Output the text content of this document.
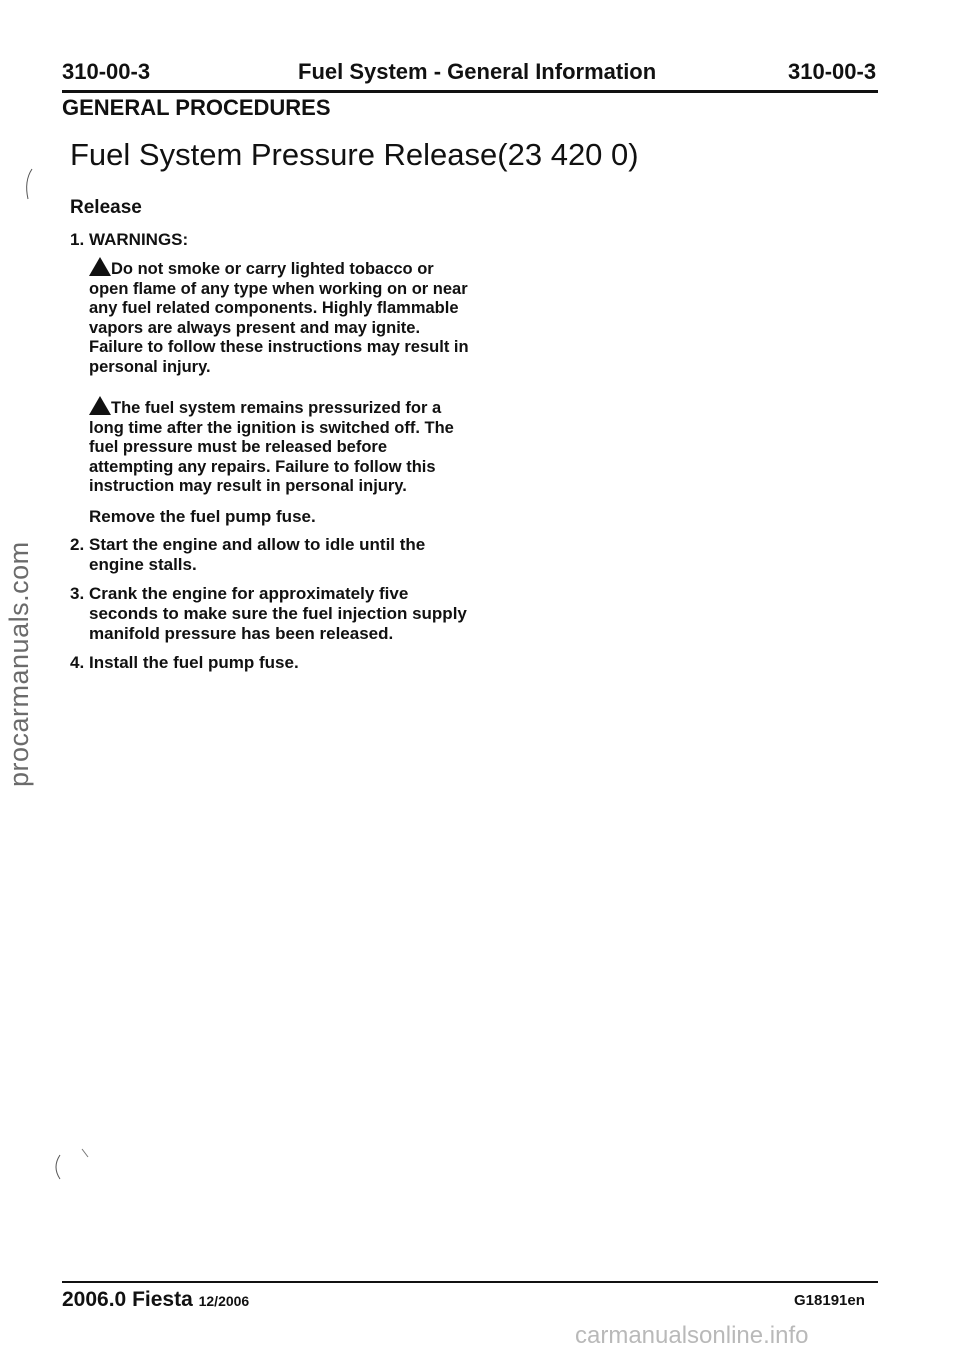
310-00-3	Fuel System - General Information	310-00-3
GENERAL PROCEDURES
Fuel System Pressure Release(23 420 0)
Release
1. WARNINGS:
Do not smoke or carry lighted tobacco or open flame of any type when working on or near any fuel related components. Highly flammable vapors are always present and may ignite. Failure to follow these instructions may result in personal injury.
The fuel system remains pressurized for a long time after the ignition is switched off. The fuel pressure must be released before attempting any repairs. Failure to follow this instruction may result in personal injury.
Remove the fuel pump fuse.
2. Start the engine and allow to idle until the engine stalls.
3. Crank the engine for approximately five seconds to make sure the fuel injection supply manifold pressure has been released.
4. Install the fuel pump fuse.
procarmanuals.com
2006.0 Fiesta 12/2006	G18191en
carmanualsonline.info
